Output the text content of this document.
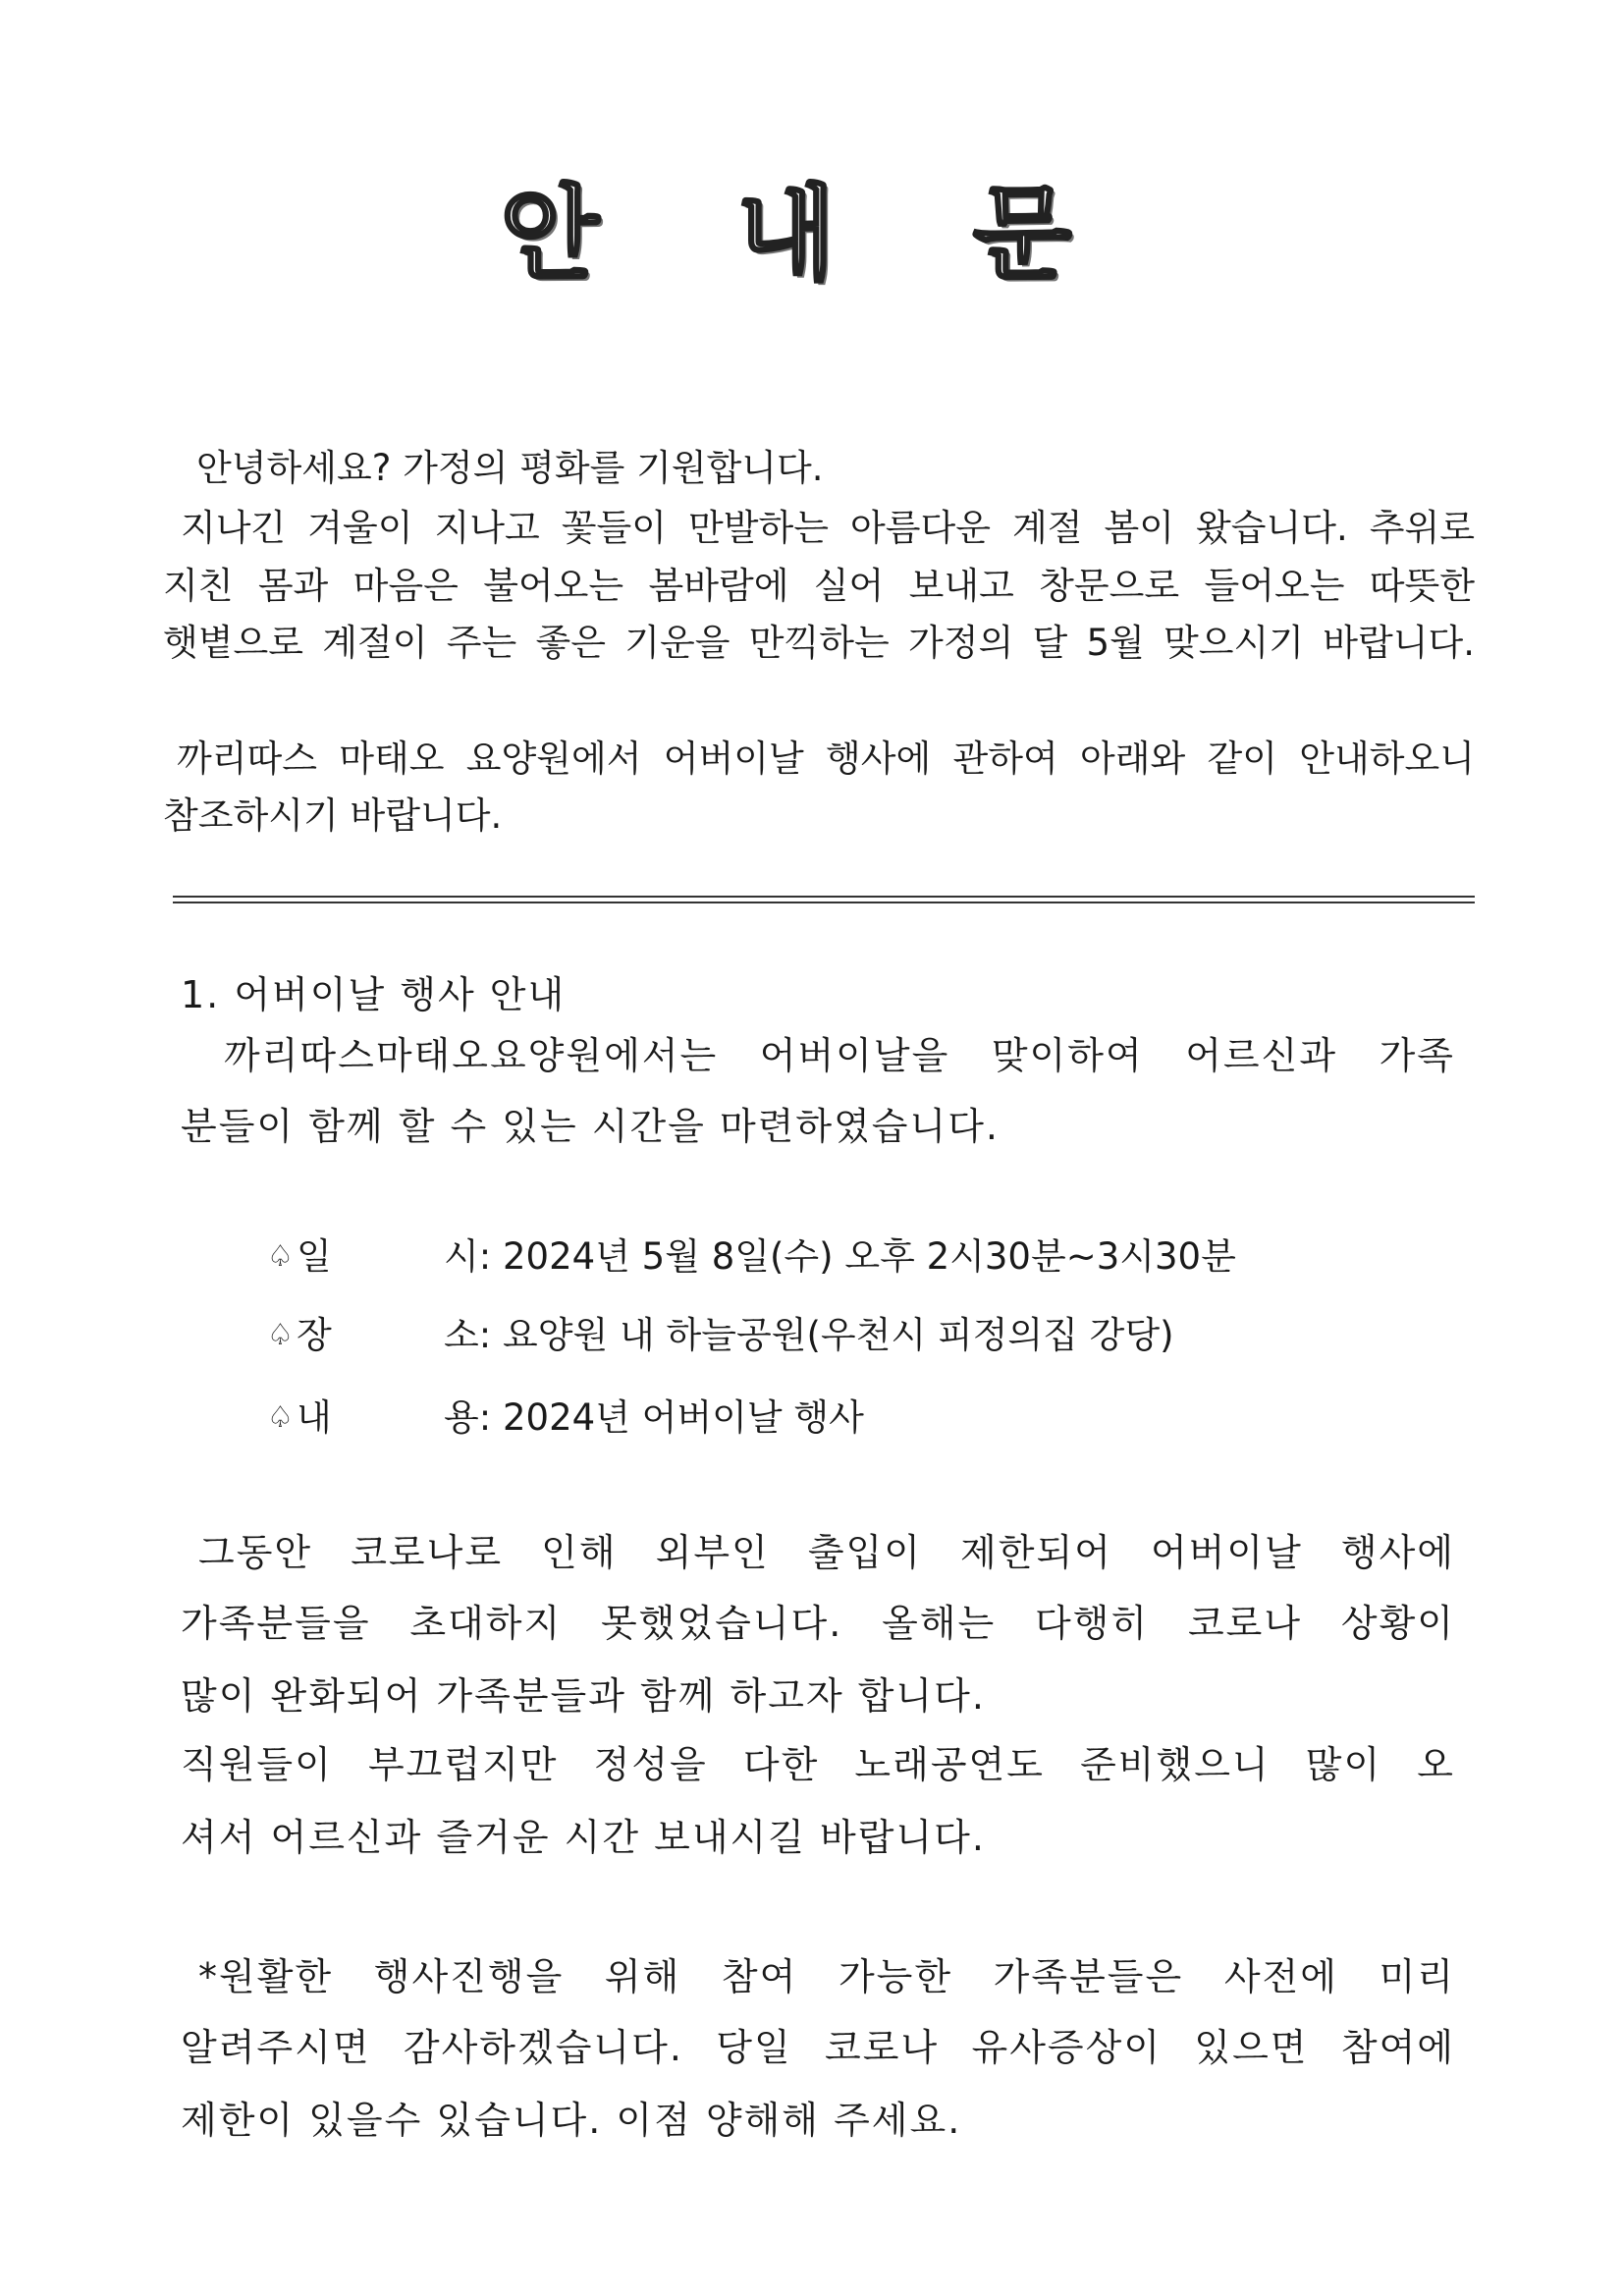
안 내 문
안녕하세요? 가정의 평화를 기원합니다.
지나긴 겨울이 지나고 꽃들이 만발하는 아름다운 계절 봄이 왔습니다. 추위로
지친 몸과 마음은 불어오는 봄바람에 실어 보내고 창문으로 들어오는 따뜻한
햇볕으로 계절이 주는 좋은 기운을 만끽하는 가정의 달 5월 맞으시기 바랍니다.
까리따스 마태오 요양원에서 어버이날 행사에 관하여 아래와 같이 안내하오니
참조하시기 바랍니다.
1. 어버이날 행사 안내
까리따스마태오요양원에서는 어버이날을 맞이하여 어르신과 가족
분들이 함께 할 수 있는 시간을 마련하였습니다.
♤일	시: 2024년 5월 8일(수) 오후 2시30분~3시30분
♤장	소: 요양원 내 하늘공원(우천시 피정의집 강당)
♤내	용: 2024년 어버이날 행사
그동안 코로나로 인해 외부인 출입이 제한되어 어버이날 행사에
가족분들을 초대하지 못했었습니다. 올해는 다행히 코로나 상황이
많이 완화되어 가족분들과 함께 하고자 합니다.
직원들이 부끄럽지만 정성을 다한 노래공연도 준비했으니 많이 오
셔서 어르신과 즐거운 시간 보내시길 바랍니다.
*원활한 행사진행을 위해 참여 가능한 가족분들은 사전에 미리
알려주시면 감사하겠습니다. 당일 코로나 유사증상이 있으면 참여에
제한이 있을수 있습니다. 이점 양해해 주세요.
